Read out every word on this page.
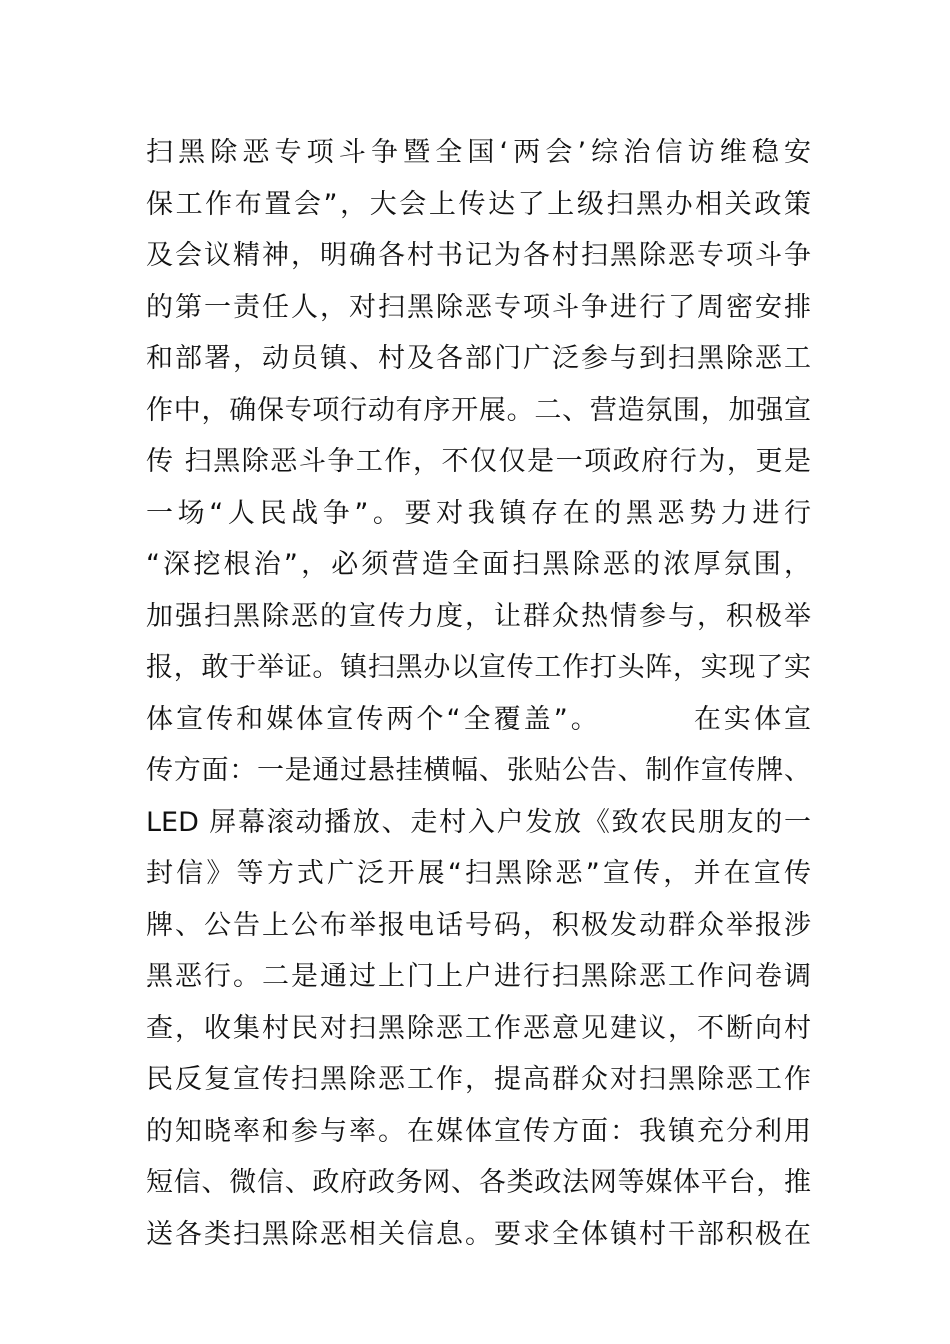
扫黑除恶专项斗争暨全国‘两会’综治信访维稳安
保工作布置会”，大会上传达了上级扫黑办相关政策
及会议精神，明确各村书记为各村扫黑除恶专项斗争
的第一责任人，对扫黑除恶专项斗争进行了周密安排
和部署，动员镇、村及各部门广泛参与到扫黑除恶工
作中，确保专项行动有序开展。二、营造氛围，加强宣
传 扫黑除恶斗争工作，不仅仅是一项政府行为，更是
一场“人民战争”。要对我镇存在的黑恶势力进行
“深挖根治”，必须营造全面扫黑除恶的浓厚氛围，
加强扫黑除恶的宣传力度，让群众热情参与，积极举
报，敢于举证。镇扫黑办以宣传工作打头阵，实现了实
体宣传和媒体宣传两个“全覆盖”。        在实体宣
传方面：一是通过悬挂横幅、张贴公告、制作宣传牌、
LED 屏幕滚动播放、走村入户发放《致农民朋友的一
封信》等方式广泛开展“扫黑除恶”宣传，并在宣传
牌、公告上公布举报电话号码，积极发动群众举报涉
黑恶行。二是通过上门上户进行扫黑除恶工作问卷调
查，收集村民对扫黑除恶工作恶意见建议，不断向村
民反复宣传扫黑除恶工作，提高群众对扫黑除恶工作
的知晓率和参与率。在媒体宣传方面：我镇充分利用
短信、微信、政府政务网、各类政法网等媒体平台，推
送各类扫黑除恶相关信息。要求全体镇村干部积极在
